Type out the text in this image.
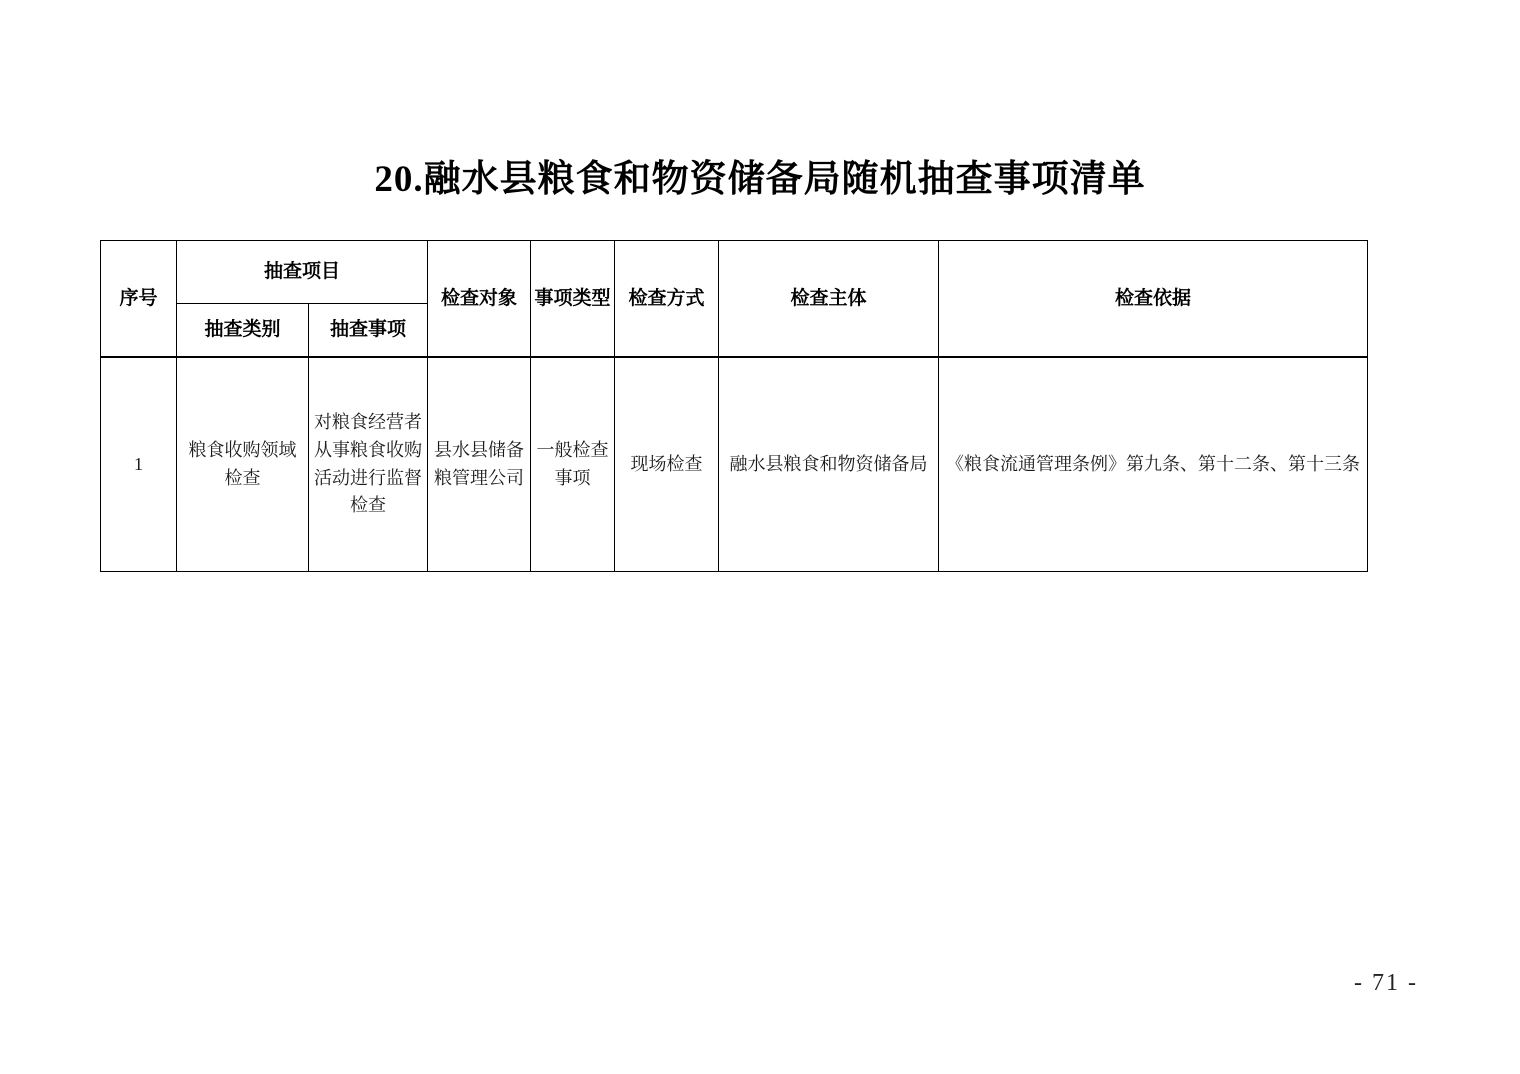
20.融水县粮食和物资储备局随机抽查事项清单
序号	抽查项目		检查对象	事项类型	检查方式	检查主体	检查依据
	抽查类别	抽查事项					
1	粮食收购领域检查	对粮食经营者从事粮食收购活动进行监督检查	县水县储备粮管理公司	一般检查事项	现场检查	融水县粮食和物资储备局	《粮食流通管理条例》第九条、第十二条、第十三条
- 71 -
